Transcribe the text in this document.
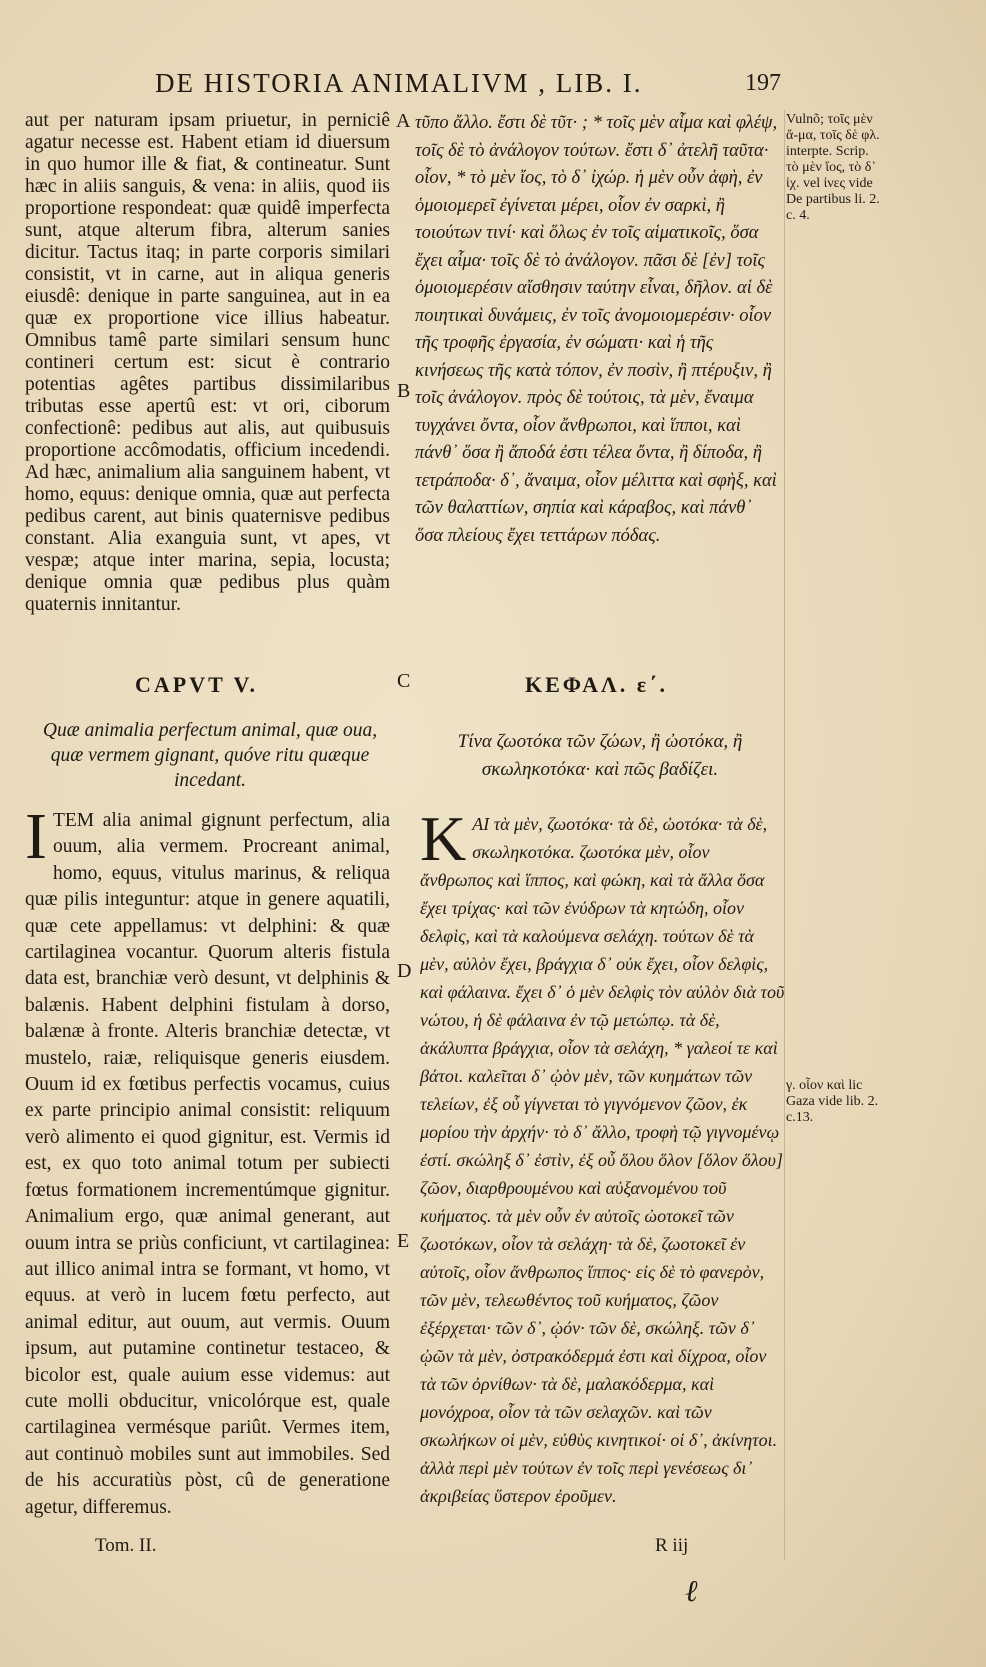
DE HISTORIA ANIMALIVM , LIB. I.	197

aut per naturam ipsam priuetur, in perniciê agatur necesse est. Habent etiam id diuersum in quo humor ille & fiat, & contineatur. Sunt hæc in aliis sanguis, & vena: in aliis, quod iis proportione respondeat: quæ quidê imperfecta sunt, atque alterum fibra, alterum sanies dicitur. Tactus itaq; in parte corporis similari consistit, vt in carne, aut in aliqua generis eiusdê: denique in parte sanguinea, aut in ea quæ ex proportione vice illius habeatur. Omnibus tamê parte similari sensum hunc contineri certum est: sicut è contrario potentias agêtes partibus dissimilaribus tributas esse apertû est: vt ori, ciborum confectionê: pedibus aut alis, aut quibusuis proportione accômodatis, officium incedendi. Ad hæc, animalium alia sanguinem habent, vt homo, equus: denique omnia, quæ aut perfecta pedibus carent, aut binis quaternisve pedibus constant. Alia exanguia sunt, vt apes, vt vespæ; atque inter marina, sepia, locusta; denique omnia quæ pedibus plus quàm quaternis innitantur.

τῦπο ἄλλο. ἔστι δὲ τῦτ· ; * τοῖς μὲν αἷμα καὶ φλέψ, τοῖς δὲ τὸ ἀνάλογον τούτων. ἔστι δ᾽ ἀτελῆ ταῦτα· οἷον, * τὸ μὲν ἴος, τὸ δ᾽ ἰχώρ. ἡ μὲν οὖν ἁφὴ, ἐν ὁμοιομερεῖ ἐγίνεται μέρει, οἷον ἐν σαρκὶ, ἢ τοιούτων τινί· καὶ ὅλως ἐν τοῖς αἱματικοῖς, ὅσα ἔχει αἷμα· τοῖς δὲ τὸ ἀνάλογον. πᾶσι δὲ [ἐν] τοῖς ὁμοιομερέσιν αἴσθησιν ταύτην εἶναι, δῆλον. αἱ δὲ ποιητικαὶ δυνάμεις, ἐν τοῖς ἀνομοιομερέσιν· οἷον τῆς τροφῆς ἐργασία, ἐν σώματι· καὶ ἡ τῆς κινήσεως τῆς κατὰ τόπον, ἐν ποσὶν, ἢ πτέρυξιν, ἢ τοῖς ἀνάλογον. πρὸς δὲ τούτοις, τὰ μὲν, ἔναιμα τυγχάνει ὄντα, οἷον ἄνθρωποι, καὶ ἵπποι, καὶ πάνθ᾽ ὅσα ἢ ἄποδά ἐστι τέλεα ὄντα, ἢ δίποδα, ἢ τετράποδα· δ᾽, ἄναιμα, οἷον μέλιττα καὶ σφὴξ, καὶ τῶν θαλαττίων, σηπία καὶ κάραβος, καὶ πάνθ᾽ ὅσα πλείους ἔχει τεττάρων πόδας.

A
B
C
D
E
Vulnõ; τοῖς μὲν ἄ-μα, τοῖς δὲ φλ. interpte. Scrip. τὸ μὲν ἴος, τὸ δ᾽ ἰχ. vel ἰνες vide De partibus li. 2. c. 4.
γ. οἷον καὶ lic Gaza vide lib. 2. c.13.
CAPVT V.	ΚΕΦΑΛ. ε΄.
Quæ animalia perfectum animal, quæ oua, quæ vermem gignant, quóve ritu quæque incedant.
Τίνα ζωοτόκα τῶν ζώων, ἢ ὠοτόκα, ἢ σκωληκοτόκα· καὶ πῶς βαδίζει.
I TEM alia animal gignunt perfectum, alia ouum, alia vermem. Procreant animal, homo, equus, vitulus marinus, & reliqua quæ pilis integuntur: atque in genere aquatili, quæ cete appellamus: vt delphini: & quæ cartilaginea vocantur. Quorum alteris fistula data est, branchiæ verò desunt, vt delphinis & balænis. Habent delphini fistulam à dorso, balænæ à fronte. Alteris branchiæ detectæ, vt mustelo, raiæ, reliquisque generis eiusdem. Ouum id ex fœtibus perfectis vocamus, cuius ex parte principio animal consistit: reliquum verò alimento ei quod gignitur, est. Vermis id est, ex quo toto animal totum per subiecti fœtus formationem incrementúmque gignitur. Animalium ergo, quæ animal generant, aut ouum intra se priùs conficiunt, vt cartilaginea: aut illico animal intra se formant, vt homo, vt equus. at verò in lucem fœtu perfecto, aut animal editur, aut ouum, aut vermis. Ouum ipsum, aut putamine continetur testaceo, & bicolor est, quale auium esse videmus: aut cute molli obducitur, vnicolórque est, quale cartilaginea vermésque pariût. Vermes item, aut continuò mobiles sunt aut immobiles. Sed de his accuratiùs pòst, cû de generatione agetur, differemus.
Κ ΑΙ τὰ μὲν, ζωοτόκα· τὰ δὲ, ὠοτόκα· τὰ δὲ, σκωληκοτόκα. ζωοτόκα μὲν, οἷον ἄνθρωπος καὶ ἵππος, καὶ φώκη, καὶ τὰ ἄλλα ὅσα ἔχει τρίχας· καὶ τῶν ἐνύδρων τὰ κητώδη, οἷον δελφὶς, καὶ τὰ καλούμενα σελάχη. τούτων δὲ τὰ μὲν, αὐλὸν ἔχει, βράγχια δ᾽ οὐκ ἔχει, οἷον δελφὶς, καὶ φάλαινα. ἔχει δ᾽ ὁ μὲν δελφὶς τὸν αὐλὸν διὰ τοῦ νώτου, ἡ δὲ φάλαινα ἐν τῷ μετώπῳ. τὰ δὲ, ἀκάλυπτα βράγχια, οἷον τὰ σελάχη, * γαλεοί τε καὶ βάτοι. καλεῖται δ᾽ ᾠὸν μὲν, τῶν κυημάτων τῶν τελείων, ἐξ οὗ γίγνεται τὸ γιγνόμενον ζῶον, ἐκ μορίου τὴν ἀρχήν· τὸ δ᾽ ἄλλο, τροφὴ τῷ γιγνομένῳ ἐστί. σκώληξ δ᾽ ἐστὶν, ἐξ οὗ ὅλου ὅλον [ὅλον ὅλου] ζῶον, διαρθρουμένου καὶ αὐξανομένου τοῦ κυήματος. τὰ μὲν οὖν ἐν αὐτοῖς ὠοτοκεῖ τῶν ζωοτόκων, οἷον τὰ σελάχη· τὰ δὲ, ζωοτοκεῖ ἐν αὑτοῖς, οἷον ἄνθρωπος ἵππος· εἰς δὲ τὸ φανερὸν, τῶν μὲν, τελεωθέντος τοῦ κυήματος, ζῶον ἐξέρχεται· τῶν δ᾽, ᾠόν· τῶν δὲ, σκώληξ. τῶν δ᾽ ᾠῶν τὰ μὲν, ὀστρακόδερμά ἐστι καὶ δίχροα, οἷον τὰ τῶν ὀρνίθων· τὰ δὲ, μαλακόδερμα, καὶ μονόχροα, οἷον τὰ τῶν σελαχῶν. καὶ τῶν σκωλήκων οἱ μὲν, εὐθὺς κινητικοί· οἱ δ᾽, ἀκίνητοι. ἀλλὰ περὶ μὲν τούτων ἐν τοῖς περὶ γενέσεως δι᾽ ἀκριβείας ὕστερον ἐροῦμεν.
Tom. II.	R iij
ℓ
